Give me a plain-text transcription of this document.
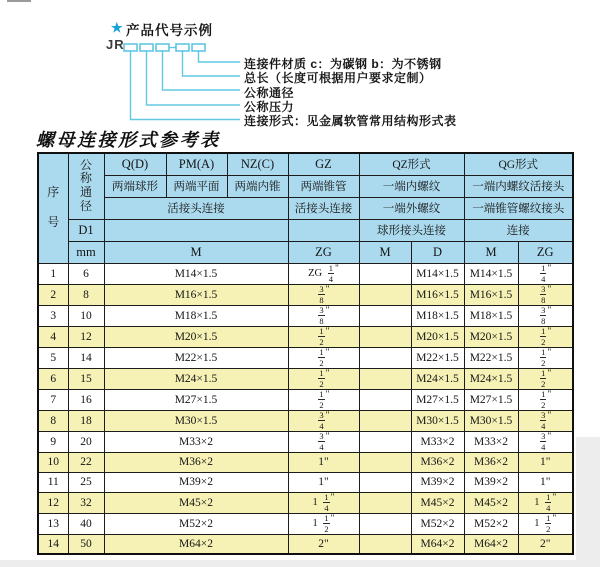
★ 产品代号示例
JR
连接件材质 c：为碳钢 b：为不锈钢
总长（长度可根据用户要求定制）
公称通径
公称压力
连接形式：见金属软管常用结构形式表
螺母连接形式参考表
序
号	公
称
通
径	Q(D)	PM(A)	NZ(C)	GZ	QZ形式		QG形式	
		两端球形	两端平面	两端内锥	两端锥管	一端内螺纹		一端内螺纹活接头	
		活接头连接			活接头连接	一端外螺纹		一端锥管螺纹接头	
	D1					球形接头连接		连接	
	mm	M			ZG	M	D	M	ZG
1	6	M14×1.5			ZG $\frac{1}{4} ^"$		M14×1.5	M14×1.5	$\frac{1}{4} ^"$
2	8	M16×1.5			$\frac{3}{8} ^"$		M16×1.5	M16×1.5	$\frac{3}{8} ^"$
3	10	M18×1.5			$\frac{3}{8} ^"$		M18×1.5	M18×1.5	$\frac{3}{8} ^"$
4	12	M20×1.5			$\frac{1}{2} ^"$		M20×1.5	M20×1.5	$\frac{1}{2} ^"$
5	14	M22×1.5			$\frac{1}{2} ^"$		M22×1.5	M22×1.5	$\frac{1}{2} ^"$
6	15	M24×1.5			$\frac{1}{2} ^"$		M24×1.5	M24×1.5	$\frac{1}{2} ^"$
7	16	M27×1.5			$\frac{1}{2} ^"$		M27×1.5	M27×1.5	$\frac{1}{2} ^"$
8	18	M30×1.5			$\frac{3}{4} ^"$		M30×1.5	M30×1.5	$\frac{3}{4} ^"$
9	20	M33×2			$\frac{3}{4} ^"$		M33×2	M33×2	$\frac{3}{4} ^"$
10	22	M36×2			1"		M36×2	M36×2	1"
11	25	M39×2			1"		M39×2	M39×2	1"
12	32	M45×2			$1 \frac{1}{4} ^"$		M45×2	M45×2	$1 \frac{1}{4} ^"$
13	40	M52×2			$1 \frac{1}{2} ^"$		M52×2	M52×2	$1 \frac{1}{2} ^"$
14	50	M64×2			2"		M64×2	M64×2	2"
